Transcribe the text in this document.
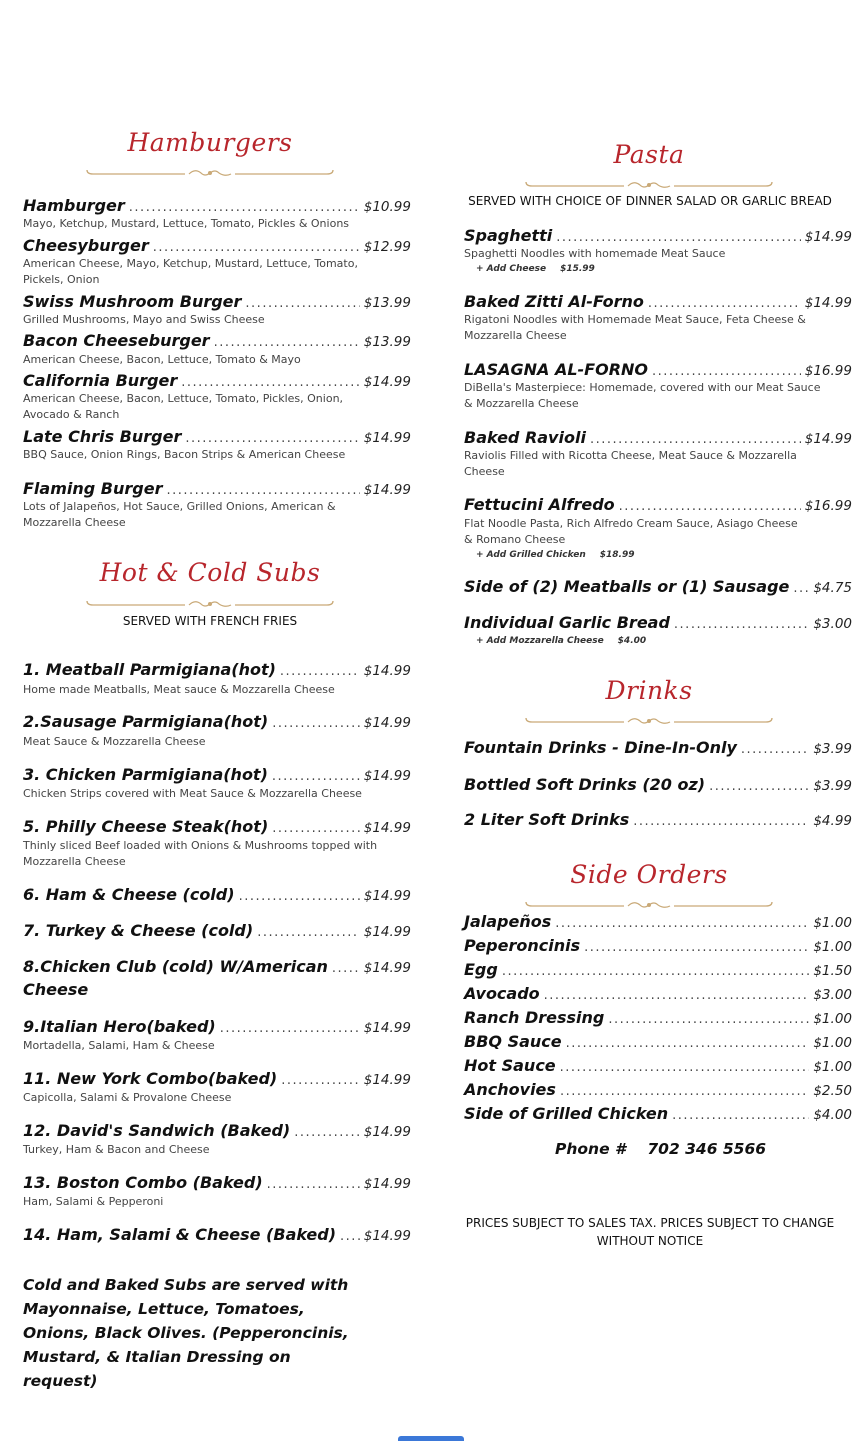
Hamburgers
Hamburger .....	$10.99
Mayo, Ketchup, Mustard, Lettuce, Tomato, Pickles & Onions
Cheesyburger .....	$12.99
American Cheese, Mayo, Ketchup, Mustard, Lettuce, Tomato, Pickels, Onion
Swiss Mushroom Burger .....	$13.99
Grilled Mushrooms, Mayo and Swiss Cheese
Bacon Cheeseburger .....	$13.99
American Cheese, Bacon, Lettuce, Tomato & Mayo
California Burger .....	$14.99
American Cheese, Bacon, Lettuce, Tomato, Pickles, Onion, Avocado & Ranch
Late Chris Burger .....	$14.99
BBQ Sauce, Onion Rings, Bacon Strips & American Cheese
Flaming Burger .....	$14.99
Lots of Jalapeños, Hot Sauce, Grilled Onions, American & Mozzarella Cheese
Hot & Cold Subs
SERVED WITH FRENCH FRIES
1. Meatball Parmigiana(hot) .....	$14.99
Home made Meatballs, Meat sauce & Mozzarella Cheese
2.Sausage Parmigiana(hot) .....	$14.99
Meat Sauce & Mozzarella Cheese
3. Chicken Parmigiana(hot) .....	$14.99
Chicken Strips covered with Meat Sauce & Mozzarella Cheese
5. Philly Cheese Steak(hot) .....	$14.99
Thinly sliced Beef loaded with Onions & Mushrooms topped with Mozzarella Cheese
6. Ham & Cheese (cold) .....	$14.99
7. Turkey & Cheese (cold) .....	$14.99
8.Chicken Club (cold) W/American .....	$14.99
Cheese
9.Italian Hero(baked) .....	$14.99
Mortadella, Salami, Ham & Cheese
11. New York Combo(baked) .....	$14.99
Capicolla, Salami & Provalone Cheese
12. David's Sandwich (Baked) .....	$14.99
Turkey, Ham & Bacon and Cheese
13. Boston Combo (Baked) .....	$14.99
Ham, Salami & Pepperoni
14. Ham, Salami & Cheese (Baked) ..... $14.99
Cold and Baked Subs are served with Mayonnaise, Lettuce, Tomatoes, Onions, Black Olives. (Pepperoncinis, Mustard, & Italian Dressing on request)
Pasta
SERVED WITH CHOICE OF DINNER SALAD OR GARLIC BREAD
Spaghetti .....	$14.99
Spaghetti Noodles with homemade Meat Sauce
+ Add Cheese $15.99
Baked Zitti Al-Forno .....	$14.99
Rigatoni Noodles with Homemade Meat Sauce, Feta Cheese & Mozzarella Cheese
LASAGNA AL-FORNO .....	$16.99
DiBella's Masterpiece: Homemade, covered with our Meat Sauce & Mozzarella Cheese
Baked Ravioli .....	$14.99
Raviolis Filled with Ricotta Cheese, Meat Sauce & Mozzarella Cheese
Fettucini Alfredo .....	$16.99
Flat Noodle Pasta, Rich Alfredo Cream Sauce, Asiago Cheese & Romano Cheese
+ Add Grilled Chicken $18.99
Side of (2) Meatballs or (1) Sausage ..... $4.75
Individual Garlic Bread .....	$3.00
+ Add Mozzarella Cheese $4.00
Drinks
Fountain Drinks - Dine-In-Only .....	$3.99
Bottled Soft Drinks (20 oz) .....	$3.99
2 Liter Soft Drinks .....	$4.99
Side Orders
Jalapeños .....	$1.00
Peperoncinis .....	$1.00
Egg .....	$1.50
Avocado .....	$3.00
Ranch Dressing .....	$1.00
BBQ Sauce .....	$1.00
Hot Sauce .....	$1.00
Anchovies .....	$2.50
Side of Grilled Chicken .....	$4.00
Phone # 702 346 5566
PRICES SUBJECT TO SALES TAX. PRICES SUBJECT TO CHANGE WITHOUT NOTICE
